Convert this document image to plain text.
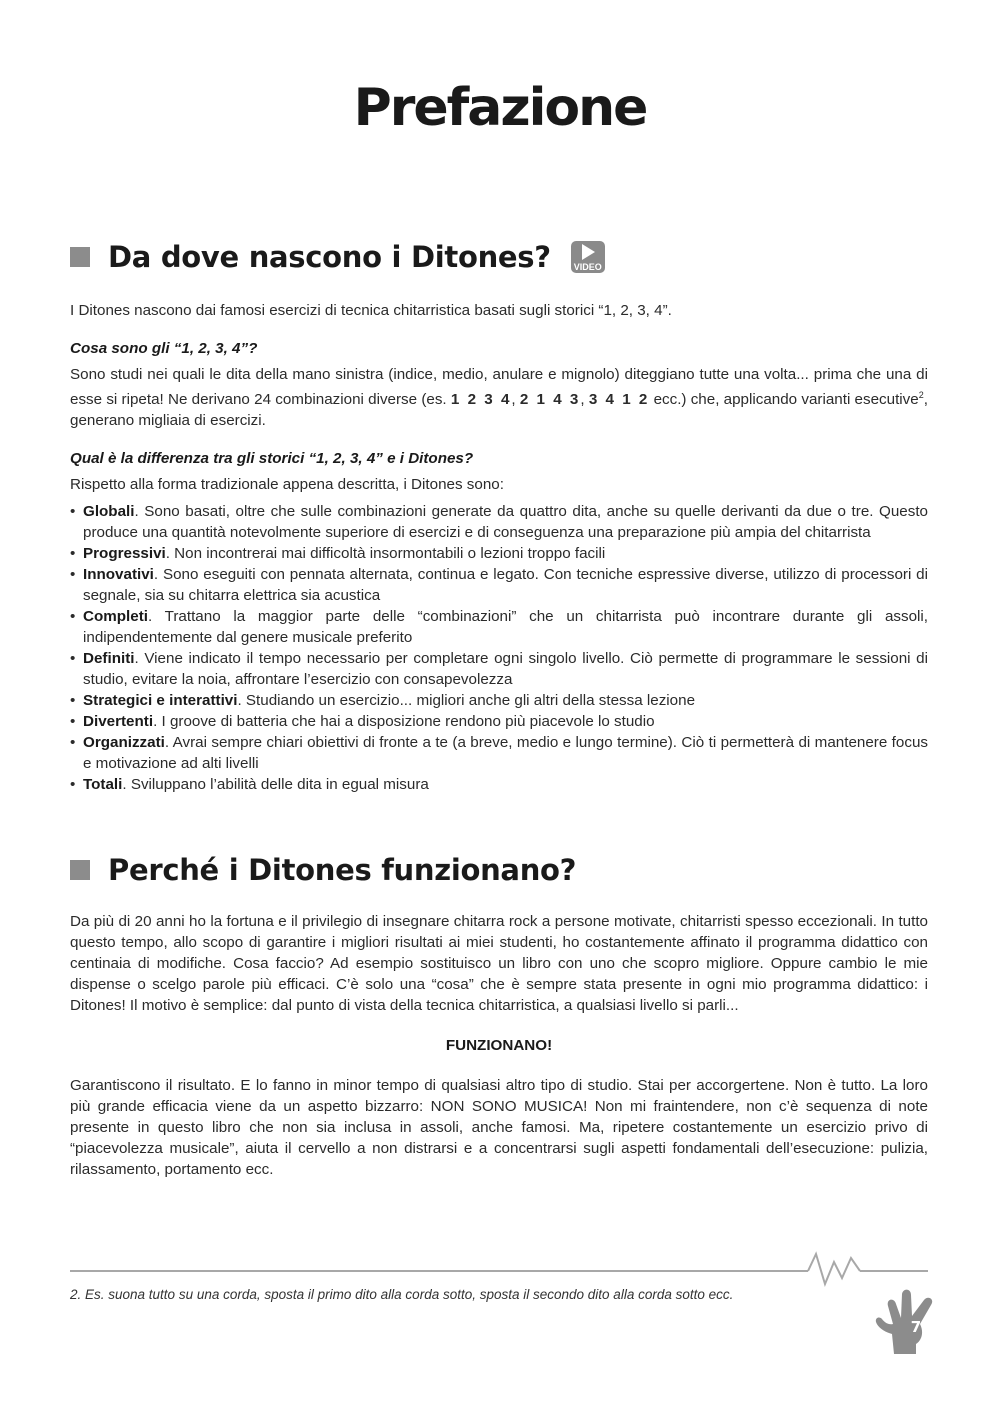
Prefazione
Da dove nascono i Ditones?	VIDEO

I Ditones nascono dai famosi esercizi di tecnica chitarristica basati sugli storici “1, 2, 3, 4”.

Cosa sono gli “1, 2, 3, 4”?

Sono studi nei quali le dita della mano sinistra (indice, medio, anulare e mignolo) diteggiano tutte una volta... prima che una di esse si ripeta! Ne derivano 24 combinazioni diverse (es. 1 2 3 4, 2 1 4 3, 3 4 1 2 ecc.) che, applicando varianti esecutive$^2$, generano migliaia di esercizi.

Qual è la differenza tra gli storici “1, 2, 3, 4” e i Ditones?

Rispetto alla forma tradizionale appena descritta, i Ditones sono:

• Globali. Sono basati, oltre che sulle combinazioni generate da quattro dita, anche su quelle derivanti da due o tre. Questo produce una quantità notevolmente superiore di esercizi e di conseguenza una preparazione più ampia del chitarrista
• Progressivi. Non incontrerai mai difficoltà insormontabili o lezioni troppo facili
• Innovativi. Sono eseguiti con pennata alternata, continua e legato. Con tecniche espressive diverse, utilizzo di processori di segnale, sia su chitarra elettrica sia acustica
• Completi. Trattano la maggior parte delle “combinazioni” che un chitarrista può incontrare durante gli assoli, indipendentemente dal genere musicale preferito
• Definiti. Viene indicato il tempo necessario per completare ogni singolo livello. Ciò permette di programmare le sessioni di studio, evitare la noia, affrontare l’esercizio con consapevolezza
• Strategici e interattivi. Studiando un esercizio... migliori anche gli altri della stessa lezione
• Divertenti. I groove di batteria che hai a disposizione rendono più piacevole lo studio
• Organizzati. Avrai sempre chiari obiettivi di fronte a te (a breve, medio e lungo termine). Ciò ti permetterà di mantenere focus e motivazione ad alti livelli
• Totali. Sviluppano l’abilità delle dita in egual misura
Perché i Ditones funzionano?

Da più di 20 anni ho la fortuna e il privilegio di insegnare chitarra rock a persone motivate, chitarristi spesso eccezionali. In tutto questo tempo, allo scopo di garantire i migliori risultati ai miei studenti, ho costantemente affinato il programma didattico con centinaia di modifiche. Cosa faccio? Ad esempio sostituisco un libro con uno che scopro migliore. Oppure cambio le mie dispense o scelgo parole più efficaci. C’è solo una “cosa” che è sempre stata presente in ogni mio programma didattico: i Ditones! Il motivo è semplice: dal punto di vista della tecnica chitarristica, a qualsiasi livello si parli...

FUNZIONANO!

Garantiscono il risultato. E lo fanno in minor tempo di qualsiasi altro tipo di studio. Stai per accorgertene. Non è tutto. La loro più grande efficacia viene da un aspetto bizzarro: NON SONO MUSICA! Non mi fraintendere, non c’è sequenza di note presente in questo libro che non sia inclusa in assoli, anche famosi. Ma, ripetere costantemente un esercizio privo di “piacevolezza musicale”, aiuta il cervello a non distrarsi e a concentrarsi sugli aspetti fondamentali dell’esecuzione: pulizia, rilassamento, portamento ecc.

2. Es. suona tutto su una corda, sposta il primo dito alla corda sotto, sposta il secondo dito alla corda sotto ecc.
7
